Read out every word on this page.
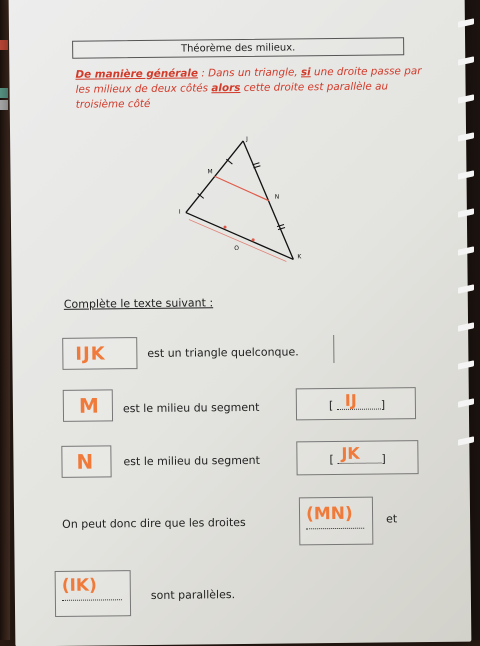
Théorème des milieux.
De manière générale : Dans un triangle, si une droite passe par les milieux de deux côtés alors cette droite est parallèle au troisième côté
I
J
K
M
N
O
Complète le texte suivant :
IJK	est un triangle quelconque.
M est le milieu du segment	[ IJ ]
N	est le milieu du segment	[ JK ]
On peut donc dire que les droites	(MN)	et
(IK)	sont parallèles.
